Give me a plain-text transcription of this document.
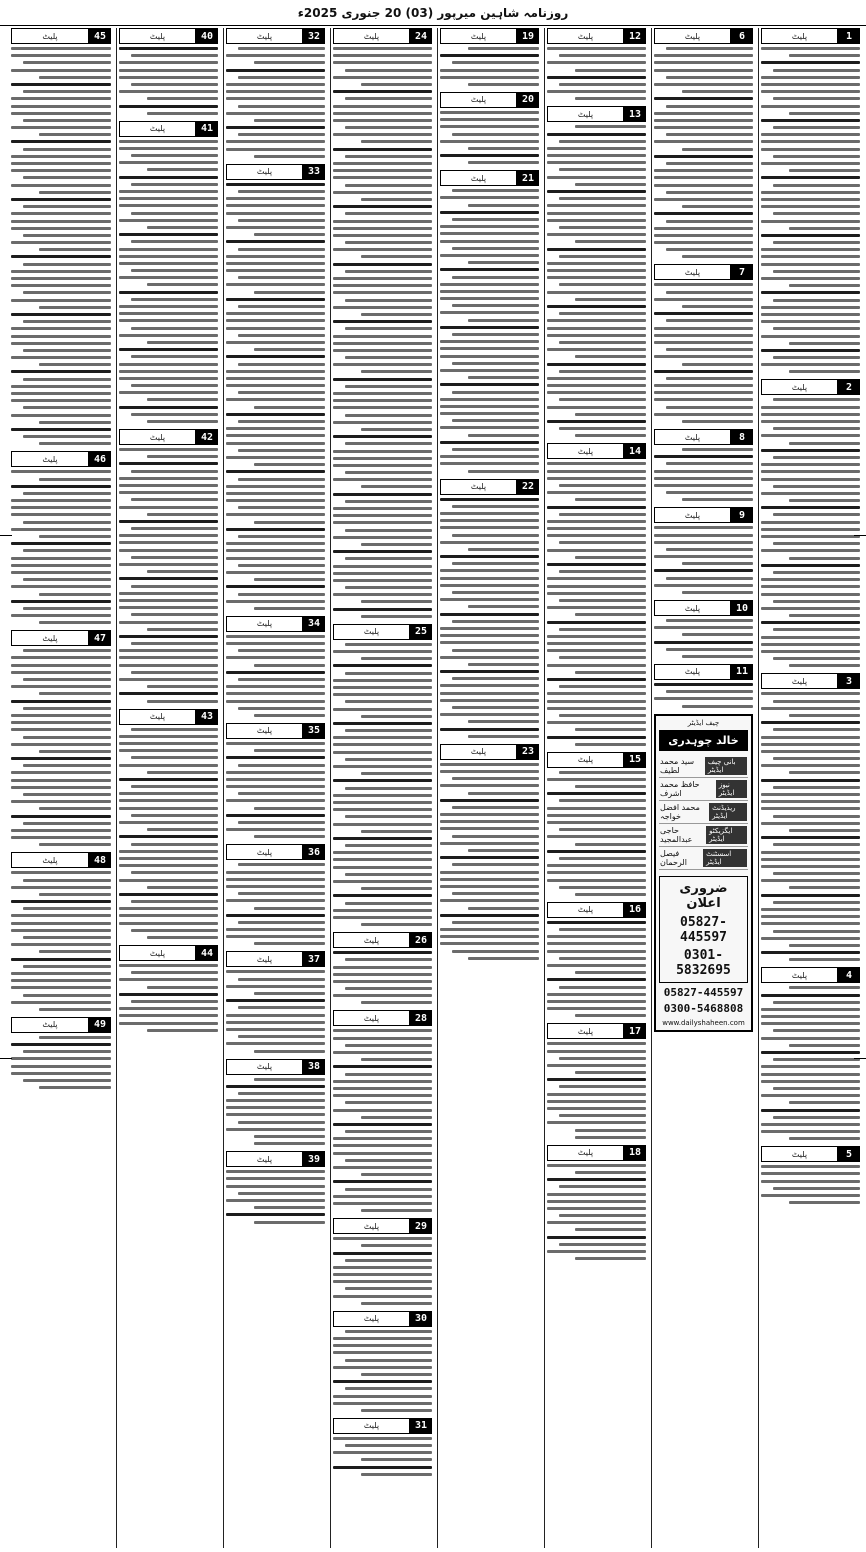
روزنامہ شاہین میرپور (03) 20 جنوری 2025ء
1
پلیٹ
2
پلیٹ
3
پلیٹ
4
پلیٹ
5
پلیٹ
6
پلیٹ
7
پلیٹ
8
پلیٹ
9
پلیٹ
10
پلیٹ
11
پلیٹ
چیف ایڈیٹر
خالد چوہدری
بانی چیف ایڈیٹر
سید محمد لطیف
نیوز ایڈیٹر
حافظ محمد اشرف
ریذیڈنٹ ایڈیٹر
محمد افضل خواجہ
ایگزیکٹو ایڈیٹر
حاجی عبدالمجید
اسسٹنٹ ایڈیٹر
فیصل الرحمان
ضروری اعلان
05827-445597
0301-5832695
05827-445597
0300-5468808
www.dailyshaheen.com
12
پلیٹ
13
پلیٹ
14
پلیٹ
15
پلیٹ
16
پلیٹ
17
پلیٹ
18
پلیٹ
19
پلیٹ
20
پلیٹ
21
پلیٹ
22
پلیٹ
23
پلیٹ
24
پلیٹ
25
پلیٹ
26
پلیٹ
28
پلیٹ
29
پلیٹ
30
پلیٹ
31
پلیٹ
32
پلیٹ
33
پلیٹ
34
پلیٹ
35
پلیٹ
36
پلیٹ
37
پلیٹ
38
پلیٹ
39
پلیٹ
40
پلیٹ
41
پلیٹ
42
پلیٹ
43
پلیٹ
44
پلیٹ
45
پلیٹ
46
پلیٹ
47
پلیٹ
48
پلیٹ
49
پلیٹ
